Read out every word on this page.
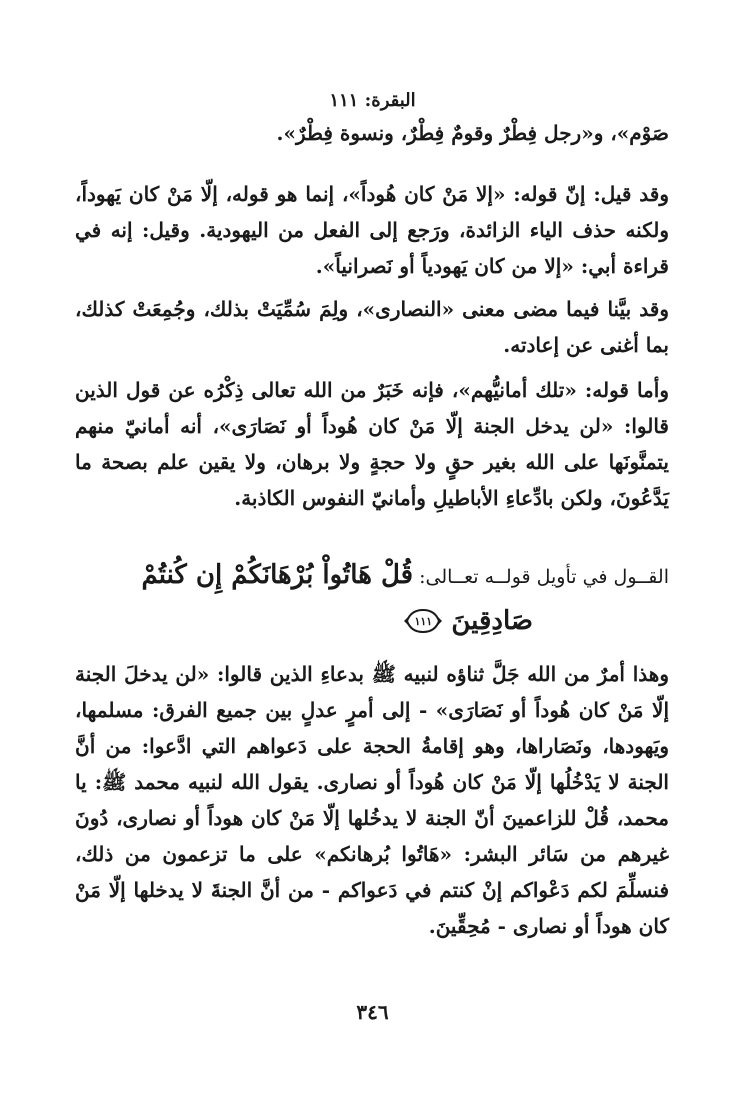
البقرة: ١١١

صَوْم»، و«رجل فِطْرٌ وقومٌ فِطْرٌ، ونسوة فِطْرٌ».

وقد قيل: إنّ قوله: «إلا مَنْ كان هُوداً»، إنما هو قوله، إلّا مَنْ كان يَهوداً، ولكنه حذف الياء الزائدة، ورَجع إلى الفعل من اليهودية. وقيل: إنه في قراءة أبي: «إلا من كان يَهودياً أو نَصرانياً».

وقد بيَّنا فيما مضى معنى «النصارى»، ولِمَ سُمِّيَتْ بذلك، وجُمِعَتْ كذلك، بما أغنى عن إعادته.

وأما قوله: «تلك أمانيُّهم»، فإنه خَبَرٌ من الله تعالى ذِكْرُه عن قول الذين قالوا: «لن يدخل الجنة إلّا مَنْ كان هُوداً أو نَصَارَى»، أنه أمانيّ منهم يتمنَّونَها على الله بغير حقٍ ولا حجةٍ ولا برهان، ولا يقين علم بصحة ما يَدَّعُونَ، ولكن بادِّعاءِ الأباطيلِ وأمانيّ النفوس الكاذبة.

القــول في تأويل قولــه تعــالى: قُلْ هَاتُواْ بُرْهَانَكُمْ إِن كُنتُمْ
صَادِقِينَ
١١١

وهذا أمرٌ من الله جَلَّ ثناؤه لنبيه ﷺ بدعاءِ الذين قالوا: «لن يدخلَ الجنة إلّا مَنْ كان هُوداً أو نَصَارَى» - إلى أمرٍ عدلٍ بين جميع الفرق: مسلمها، ويَهودها، ونَصَاراها، وهو إقامةُ الحجة على دَعواهم التي ادَّعوا: من أنَّ الجنة لا يَدْخُلُها إلّا مَنْ كان هُوداً أو نصارى. يقول الله لنبيه محمد ﷺ: يا محمد، قُلْ للزاعمينَ أنّ الجنة لا يدخُلها إلّا مَنْ كان هوداً أو نصارى، دُونَ غيرهم من سَائر البشر: «هَاتُوا بُرهانكم» على ما تزعمون من ذلك، فنسلِّمَ لكم دَعْواكم إنْ كنتم في دَعواكم - من أنَّ الجنةَ لا يدخلها إلّا مَنْ كان هوداً أو نصارى - مُحِقِّينَ.

٣٤٦
